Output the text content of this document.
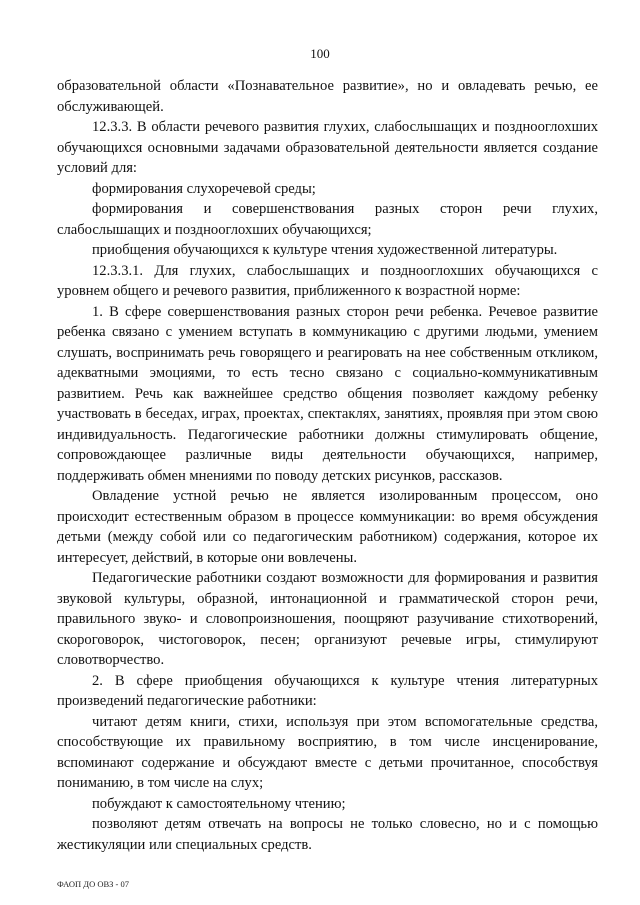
100

образовательной области «Познавательное развитие», но и овладевать речью, ее обслуживающей.

12.3.3. В области речевого развития глухих, слабослышащих и позднооглохших обучающихся основными задачами образовательной деятельности является создание условий для:

формирования слухоречевой среды;

формирования и совершенствования разных сторон речи глухих, слабослышащих и позднооглохших обучающихся;

приобщения обучающихся к культуре чтения художественной литературы.

12.3.3.1. Для глухих, слабослышащих и позднооглохших обучающихся с уровнем общего и речевого развития, приближенного к возрастной норме:

1. В сфере совершенствования разных сторон речи ребенка. Речевое развитие ребенка связано с умением вступать в коммуникацию с другими людьми, умением слушать, воспринимать речь говорящего и реагировать на нее собственным откликом, адекватными эмоциями, то есть тесно связано с социально-коммуникативным развитием. Речь как важнейшее средство общения позволяет каждому ребенку участвовать в беседах, играх, проектах, спектаклях, занятиях, проявляя при этом свою индивидуальность. Педагогические работники должны стимулировать общение, сопровождающее различные виды деятельности обучающихся, например, поддерживать обмен мнениями по поводу детских рисунков, рассказов.

Овладение устной речью не является изолированным процессом, оно происходит естественным образом в процессе коммуникации: во время обсуждения детьми (между собой или со педагогическим работником) содержания, которое их интересует, действий, в которые они вовлечены.

Педагогические работники создают возможности для формирования и развития звуковой культуры, образной, интонационной и грамматической сторон речи, правильного звуко- и словопроизношения, поощряют разучивание стихотворений, скороговорок, чистоговорок, песен; организуют речевые игры, стимулируют словотворчество.

2. В сфере приобщения обучающихся к культуре чтения литературных произведений педагогические работники:

читают детям книги, стихи, используя при этом вспомогательные средства, способствующие их правильному восприятию, в том числе инсценирование, вспоминают содержание и обсуждают вместе с детьми прочитанное, способствуя пониманию, в том числе на слух;

побуждают к самостоятельному чтению;

позволяют детям отвечать на вопросы не только словесно, но и с помощью жестикуляции или специальных средств.

ФАОП ДО ОВЗ - 07
